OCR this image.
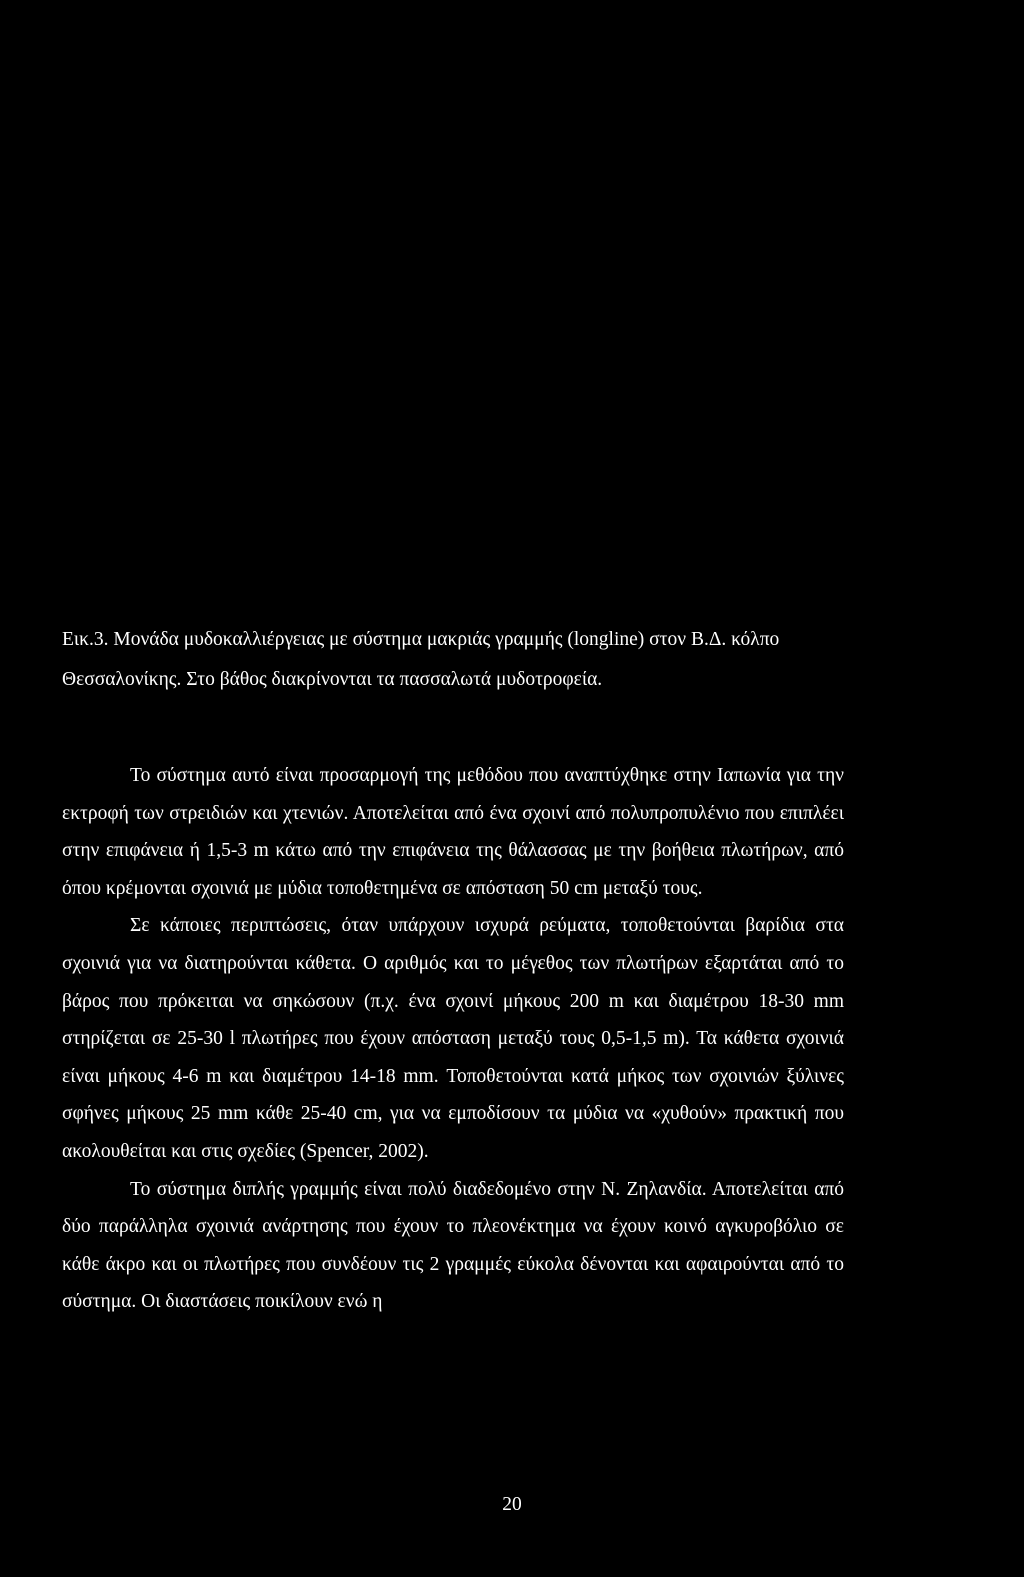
Εικ.3. Μονάδα μυδοκαλλιέργειας με σύστημα μακριάς γραμμής (longline) στον Β.Δ. κόλπο Θεσσαλονίκης. Στο βάθος διακρίνονται τα πασσαλωτά μυδοτροφεία.

Το σύστημα αυτό είναι προσαρμογή της μεθόδου που αναπτύχθηκε στην Ιαπωνία για την εκτροφή των στρειδιών και χτενιών. Αποτελείται από ένα σχοινί από πολυπροπυλένιο που επιπλέει στην επιφάνεια ή 1,5-3 m κάτω από την επιφάνεια της θάλασσας με την βοήθεια πλωτήρων, από όπου κρέμονται σχοινιά με μύδια τοποθετημένα σε απόσταση 50 cm μεταξύ τους.

Σε κάποιες περιπτώσεις, όταν υπάρχουν ισχυρά ρεύματα, τοποθετούνται βαρίδια στα σχοινιά για να διατηρούνται κάθετα. Ο αριθμός και το μέγεθος των πλωτήρων εξαρτάται από το βάρος που πρόκειται να σηκώσουν (π.χ. ένα σχοινί μήκους 200 m και διαμέτρου 18-30 mm στηρίζεται σε 25-30 l πλωτήρες που έχουν απόσταση μεταξύ τους 0,5-1,5 m). Τα κάθετα σχοινιά είναι μήκους 4-6 m και διαμέτρου 14-18 mm. Τοποθετούνται κατά μήκος των σχοινιών ξύλινες σφήνες μήκους 25 mm κάθε 25-40 cm, για να εμποδίσουν τα μύδια να «χυθούν» πρακτική που ακολουθείται και στις σχεδίες (Spencer, 2002).

Το σύστημα διπλής γραμμής είναι πολύ διαδεδομένο στην Ν. Ζηλανδία. Αποτελείται από δύο παράλληλα σχοινιά ανάρτησης που έχουν το πλεονέκτημα να έχουν κοινό αγκυροβόλιο σε κάθε άκρο και οι πλωτήρες που συνδέουν τις 2 γραμμές εύκολα δένονται και αφαιρούνται από το σύστημα. Οι διαστάσεις ποικίλουν ενώ η

20
